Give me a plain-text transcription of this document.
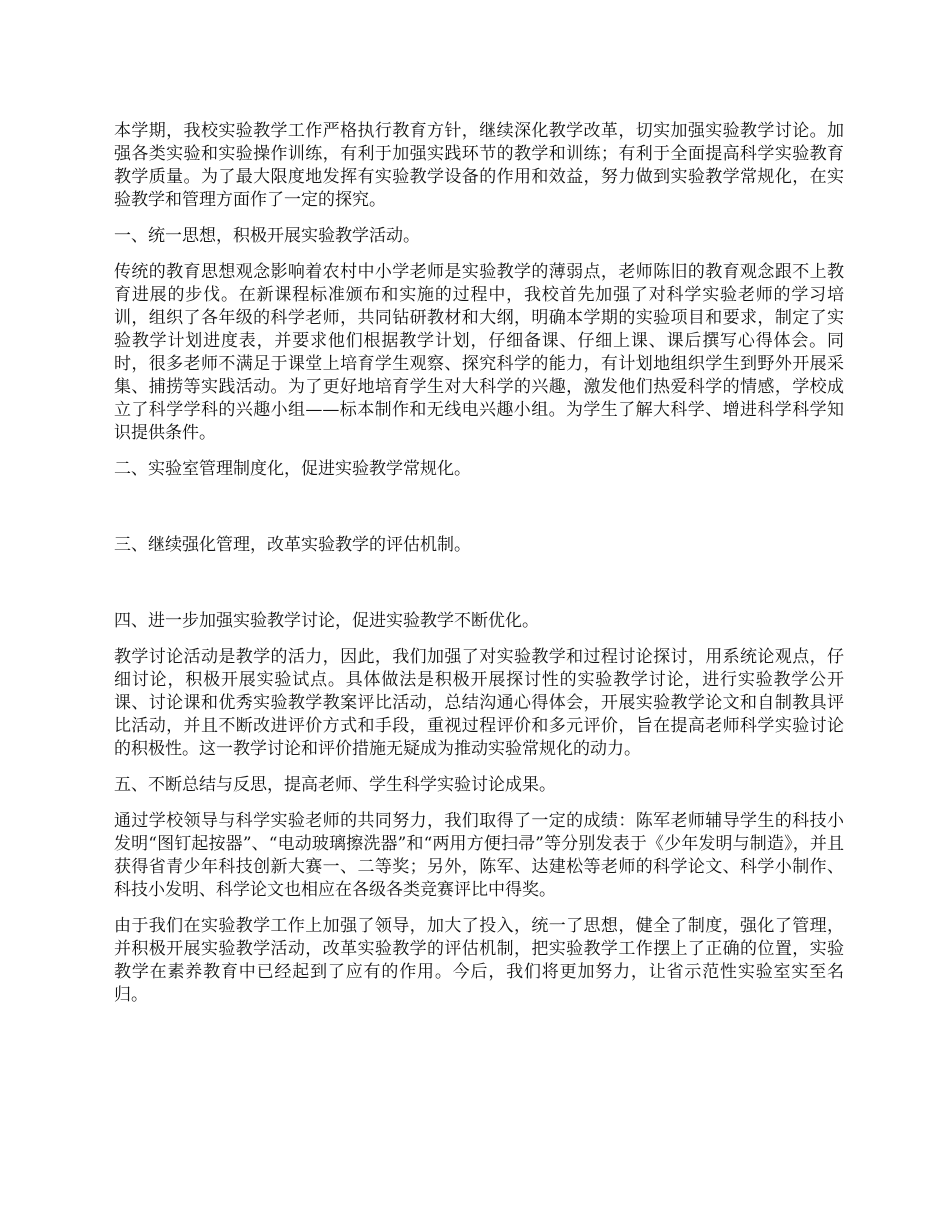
本学期，我校实验教学工作严格执行教育方针，继续深化教学改革，切实加强实验教学讨论。加强各类实验和实验操作训练，有利于加强实践环节的教学和训练；有利于全面提高科学实验教育教学质量。为了最大限度地发挥有实验教学设备的作用和效益，努力做到实验教学常规化，在实验教学和管理方面作了一定的探究。

一、统一思想，积极开展实验教学活动。

传统的教育思想观念影响着农村中小学老师是实验教学的薄弱点，老师陈旧的教育观念跟不上教育进展的步伐。在新课程标准颁布和实施的过程中，我校首先加强了对科学实验老师的学习培训，组织了各年级的科学老师，共同钻研教材和大纲，明确本学期的实验项目和要求，制定了实验教学计划进度表，并要求他们根据教学计划，仔细备课、仔细上课、课后撰写心得体会。同时，很多老师不满足于课堂上培育学生观察、探究科学的能力，有计划地组织学生到野外开展采集、捕捞等实践活动。为了更好地培育学生对大科学的兴趣，激发他们热爱科学的情感，学校成立了科学学科的兴趣小组——标本制作和无线电兴趣小组。为学生了解大科学、增进科学科学知识提供条件。

二、实验室管理制度化，促进实验教学常规化。

三、继续强化管理，改革实验教学的评估机制。

四、进一步加强实验教学讨论，促进实验教学不断优化。

教学讨论活动是教学的活力，因此，我们加强了对实验教学和过程讨论探讨，用系统论观点，仔细讨论，积极开展实验试点。具体做法是积极开展探讨性的实验教学讨论，进行实验教学公开课、讨论课和优秀实验教学教案评比活动，总结沟通心得体会，开展实验教学论文和自制教具评比活动，并且不断改进评价方式和手段，重视过程评价和多元评价，旨在提高老师科学实验讨论的积极性。这一教学讨论和评价措施无疑成为推动实验常规化的动力。

五、不断总结与反思，提高老师、学生科学实验讨论成果。

通过学校领导与科学实验老师的共同努力，我们取得了一定的成绩：陈军老师辅导学生的科技小发明“图钉起按器”、“电动玻璃擦洗器”和“两用方便扫帚”等分别发表于《少年发明与制造》，并且获得省青少年科技创新大赛一、二等奖；另外，陈军、达建松等老师的科学论文、科学小制作、科技小发明、科学论文也相应在各级各类竞赛评比中得奖。

由于我们在实验教学工作上加强了领导，加大了投入，统一了思想，健全了制度，强化了管理，并积极开展实验教学活动，改革实验教学的评估机制，把实验教学工作摆上了正确的位置，实验教学在素养教育中已经起到了应有的作用。今后，我们将更加努力，让省示范性实验室实至名归。
